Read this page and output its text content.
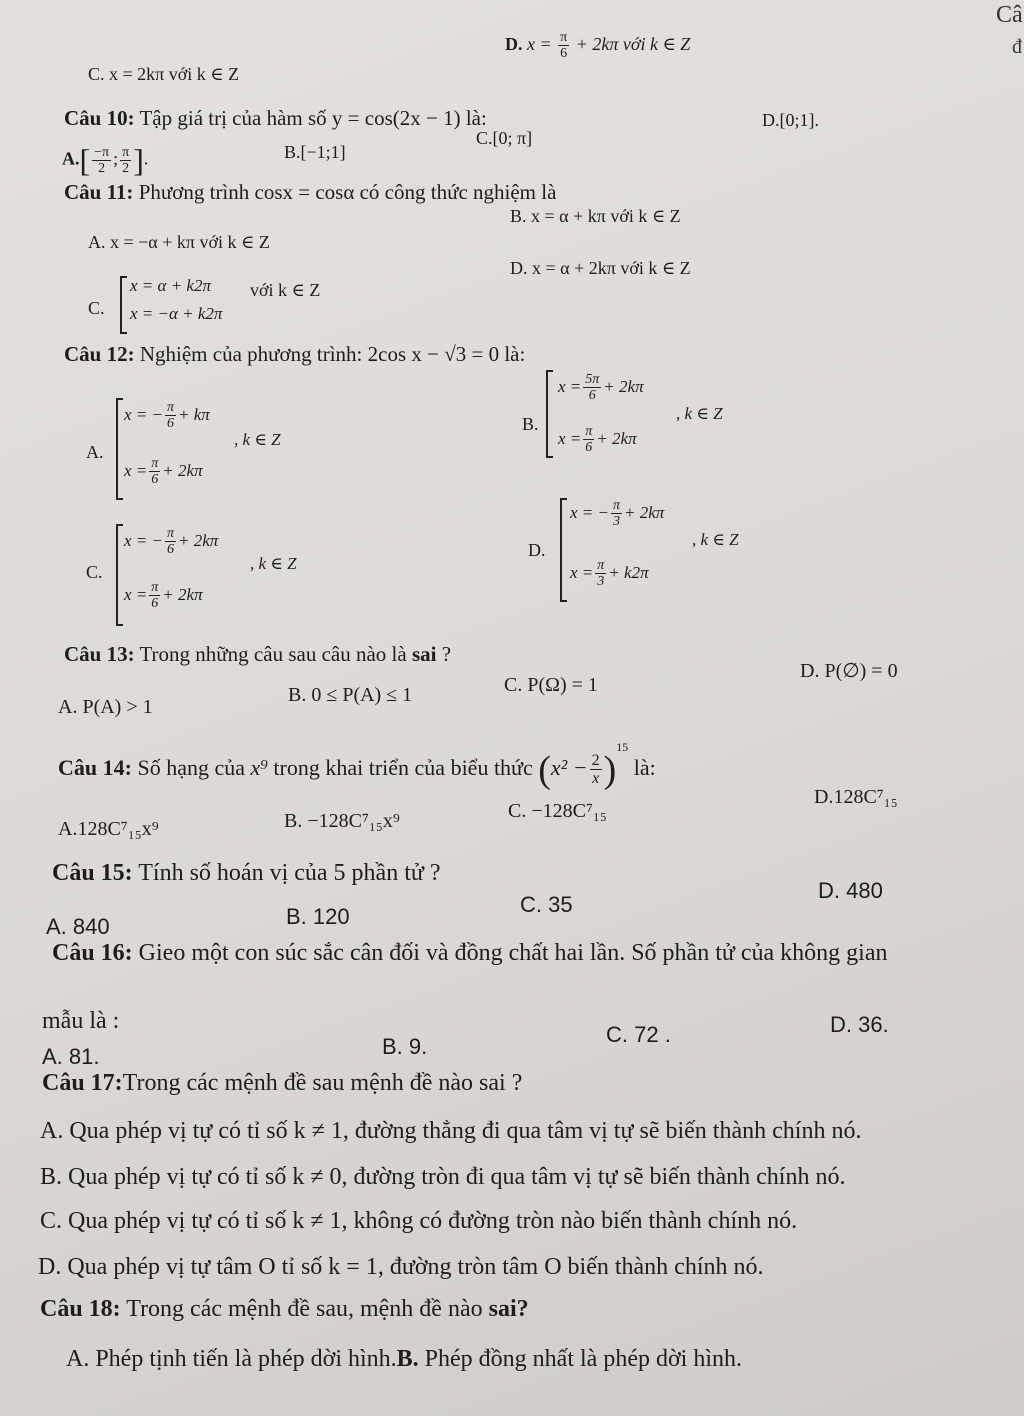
Câ
đ
D. $x = \frac{\pi}{6} + 2k\pi$ với k ∈ Z
C. x = 2kπ với k ∈ Z
Câu 10: Tập giá trị của hàm số y = cos(2x − 1) là:
$A.[ \frac{-\pi}{2}$ ; $\frac{\pi}{2}$ ].	B.[−1;1]
C.[0; π]
D.[0;1].
Câu 11: Phương trình cosx = cosα có công thức nghiệm là
A. x = −α + kπ với k ∈ Z
B. x = α + kπ với k ∈ Z
C.
x = α + k2π
x = −α + k2π
với k ∈ Z
D. x = α + 2kπ với k ∈ Z
Câu 12: Nghiệm của phương trình: 2cos x − √3 = 0 là:
A.
x = − $\frac{\pi}{6} + k\pi$
$x = \frac{\pi}{6} + 2k\pi$
, k ∈ Z
B.
$x = \frac{5\pi}{6} + 2k\pi$
$x = \frac{\pi}{6} + 2k\pi$
, k ∈ Z
C.
x = − $\frac{\pi}{6} + 2k\pi$
$x = \frac{\pi}{6} + 2k\pi$
, k ∈ Z
D.
x = − $\frac{\pi}{3} + 2k\pi$
$x = \frac{\pi}{3} + k2\pi$
, k ∈ Z
Câu 13: Trong những câu sau câu nào là sai ?
A. P(A) > 1
B. 0 ≤ P(A) ≤ 1	C. P(Ω) = 1
D. P(∅) = 0
Câu 14: Số hạng của x⁹ trong khai triển của biểu thức $(x^2 - \frac{2}{x} )^{15}$ là:
A.128C⁷₁₅x⁹	B. −128C⁷₁₅x⁹	C. −128C⁷₁₅
D.128C⁷₁₅
Câu 15: Tính số hoán vị của 5 phần tử ?
A. 840	B. 120	C. 35
D. 480
Câu 16: Gieo một con súc sắc cân đối và đồng chất hai lần. Số phần tử của không gian
mẫu là :
A. 81.	B. 9.	C. 72 .	D. 36.
Câu 17:Trong các mệnh đề sau mệnh đề nào sai ?
A. Qua phép vị tự có tỉ số k ≠ 1, đường thẳng đi qua tâm vị tự sẽ biến thành chính nó.
B. Qua phép vị tự có tỉ số k ≠ 0, đường tròn đi qua tâm vị tự sẽ biến thành chính nó.
C. Qua phép vị tự có tỉ số k ≠ 1, không có đường tròn nào biến thành chính nó.
D. Qua phép vị tự tâm O tỉ số k = 1, đường tròn tâm O biến thành chính nó.
Câu 18: Trong các mệnh đề sau, mệnh đề nào sai?
A. Phép tịnh tiến là phép dời hình.B. Phép đồng nhất là phép dời hình.
